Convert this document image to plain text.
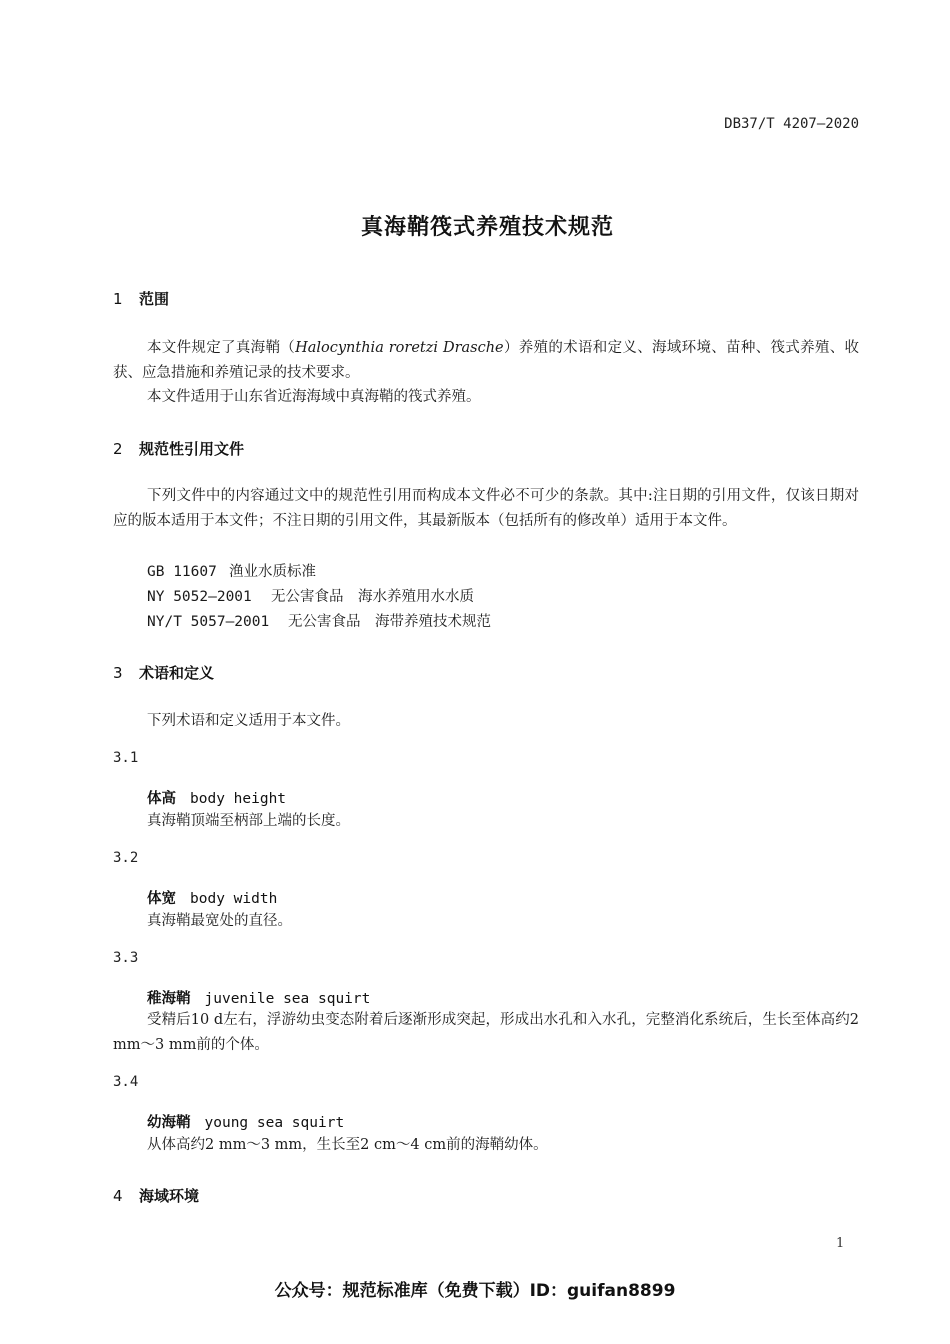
DB37/T 4207—2020
真海鞘筏式养殖技术规范
1 范围
本文件规定了真海鞘（Halocynthia roretzi Drasche）养殖的术语和定义、海域环境、苗种、筏式养殖、收获、应急措施和养殖记录的技术要求。
本文件适用于山东省近海海域中真海鞘的筏式养殖。
2 规范性引用文件
下列文件中的内容通过文中的规范性引用而构成本文件必不可少的条款。其中:注日期的引用文件，仅该日期对应的版本适用于本文件；不注日期的引用文件，其最新版本（包括所有的修改单）适用于本文件。
GB 11607 渔业水质标准
NY 5052—2001 无公害食品　海水养殖用水水质
NY/T 5057—2001 无公害食品　海带养殖技术规范
3 术语和定义
下列术语和定义适用于本文件。
3.1
体高 body height
真海鞘顶端至柄部上端的长度。
3.2
体宽 body width
真海鞘最宽处的直径。
3.3
稚海鞘 juvenile sea squirt
受精后10 d左右，浮游幼虫变态附着后逐渐形成突起，形成出水孔和入水孔，完整消化系统后，生长至体高约2 mm～3 mm前的个体。
3.4
幼海鞘 young sea squirt
从体高约2 mm～3 mm，生长至2 cm～4 cm前的海鞘幼体。
4 海域环境
1
公众号：规范标准库（免费下载）ID：guifan8899
